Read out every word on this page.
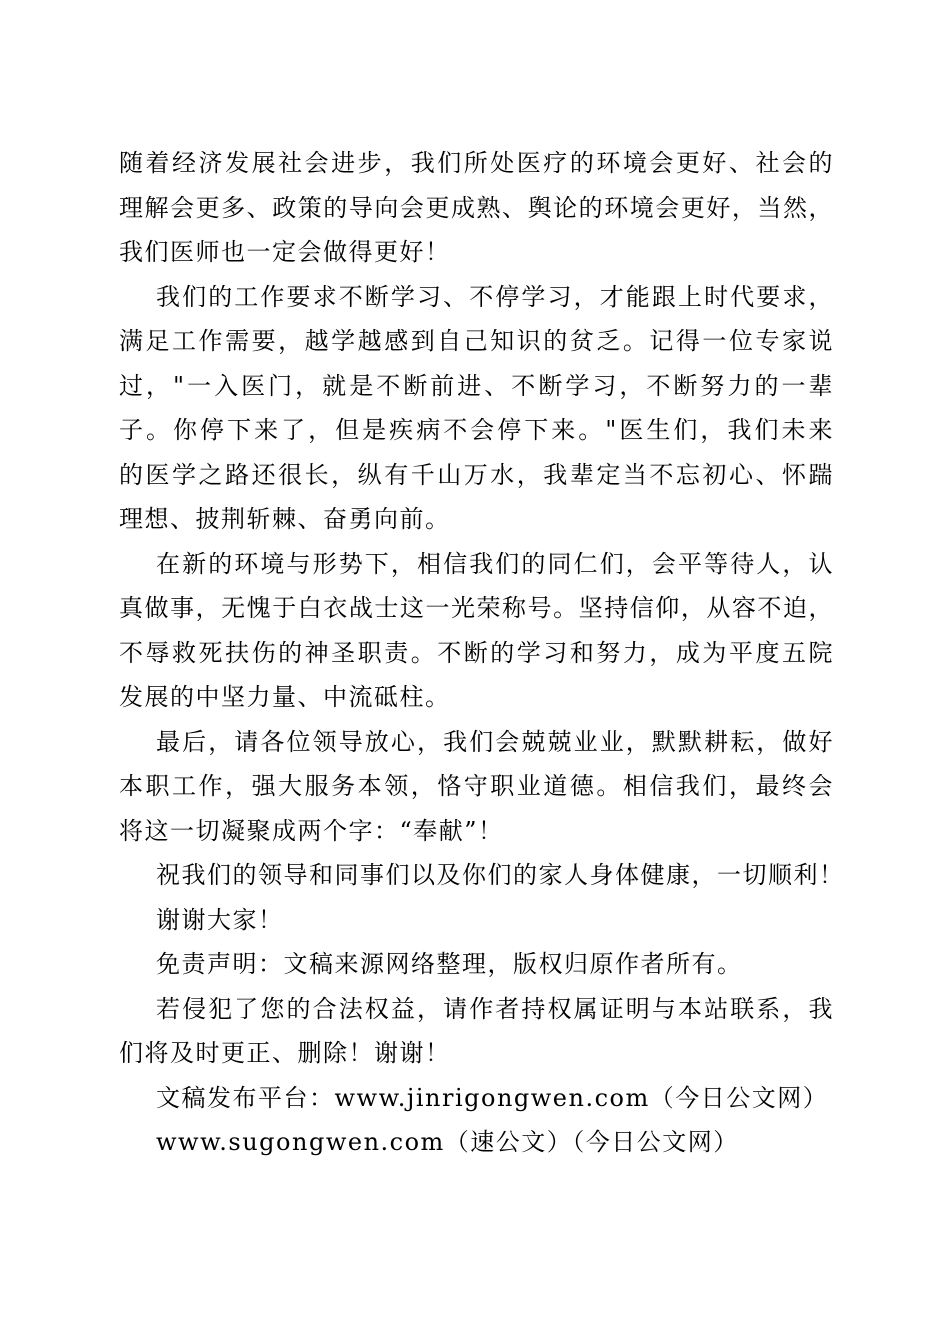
随着经济发展社会进步，我们所处医疗的环境会更好、社会的
理解会更多、政策的导向会更成熟、舆论的环境会更好，当然，
我们医师也一定会做得更好！

我们的工作要求不断学习、不停学习，才能跟上时代要求，
满足工作需要，越学越感到自己知识的贫乏。记得一位专家说
过，"一入医门，就是不断前进、不断学习，不断努力的一辈
子。你停下来了，但是疾病不会停下来。"医生们，我们未来
的医学之路还很长，纵有千山万水，我辈定当不忘初心、怀踹
理想、披荆斩棘、奋勇向前。

在新的环境与形势下，相信我们的同仁们，会平等待人，认
真做事，无愧于白衣战士这一光荣称号。坚持信仰，从容不迫，
不辱救死扶伤的神圣职责。不断的学习和努力，成为平度五院
发展的中坚力量、中流砥柱。

最后，请各位领导放心，我们会兢兢业业，默默耕耘，做好
本职工作，强大服务本领，恪守职业道德。相信我们，最终会
将这一切凝聚成两个字：“奉献”！

祝我们的领导和同事们以及你们的家人身体健康，一切顺利！

谢谢大家！

免责声明：文稿来源网络整理，版权归原作者所有。

若侵犯了您的合法权益，请作者持权属证明与本站联系，我
们将及时更正、删除！谢谢！

文稿发布平台：www.jinrigongwen.com（今日公文网）

www.sugongwen.com（速公文）（今日公文网）
